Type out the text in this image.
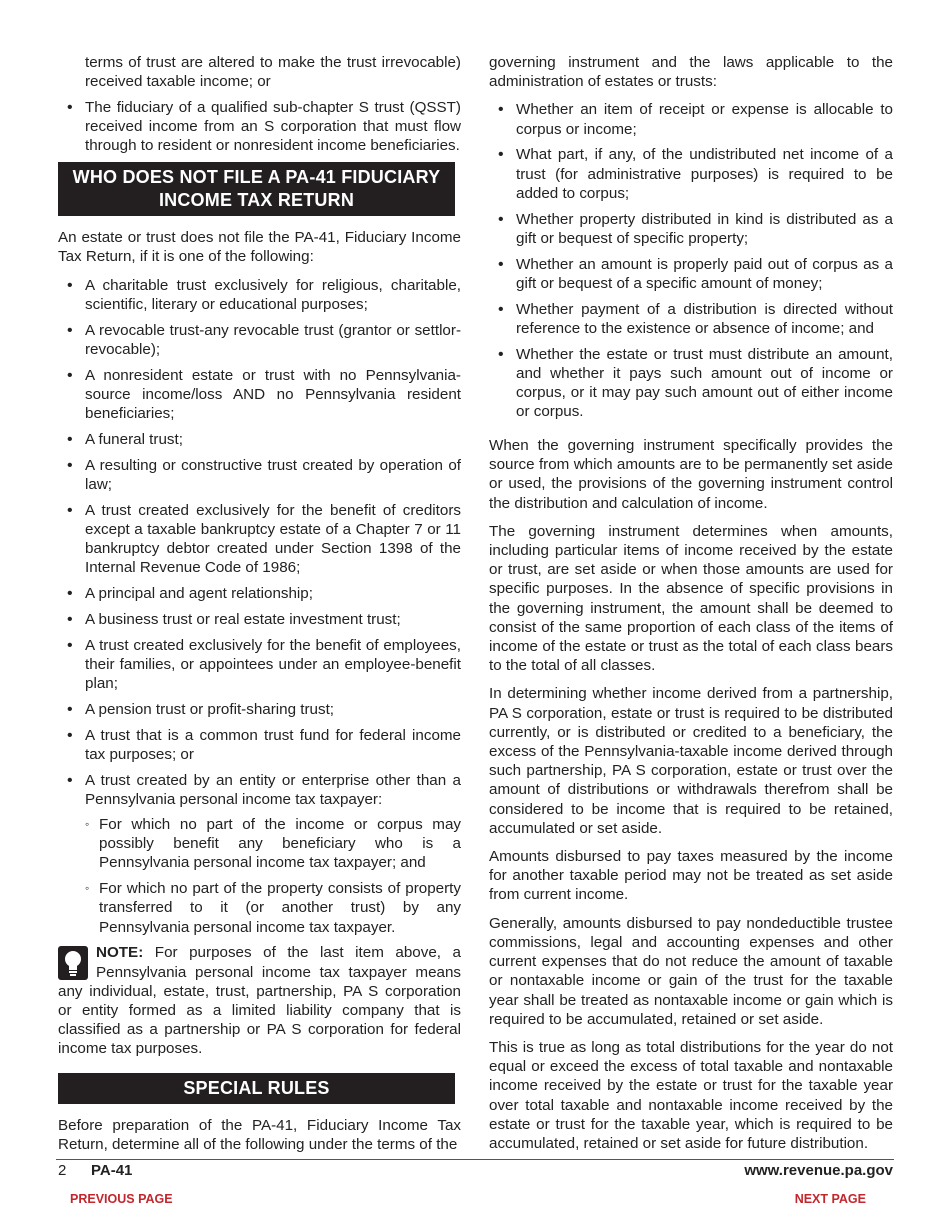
terms of trust are altered to make the trust irrevocable) received taxable income; or
• The fiduciary of a qualified sub-chapter S trust (QSST) received income from an S corporation that must flow through to resident or nonresident income beneficiaries.
WHO DOES NOT FILE A PA-41 FIDUCIARY INCOME TAX RETURN

An estate or trust does not file the PA-41, Fiduciary Income Tax Return, if it is one of the following:

• A charitable trust exclusively for religious, charitable, scientific, literary or educational purposes;
• A revocable trust-any revocable trust (grantor or settlor-revocable);
• A nonresident estate or trust with no Pennsylvania-source income/loss AND no Pennsylvania resident beneficiaries;
• A funeral trust;
• A resulting or constructive trust created by operation of law;
• A trust created exclusively for the benefit of creditors except a taxable bankruptcy estate of a Chapter 7 or 11 bankruptcy debtor created under Section 1398 of the Internal Revenue Code of 1986;
• A principal and agent relationship;
• A business trust or real estate investment trust;
• A trust created exclusively for the benefit of employees, their families, or appointees under an employee-benefit plan;
• A pension trust or profit-sharing trust;
• A trust that is a common trust fund for federal income tax purposes; or
• A trust created by an entity or enterprise other than a Pennsylvania personal income tax taxpayer:
◦ For which no part of the income or corpus may possibly benefit any beneficiary who is a Pennsylvania personal income tax taxpayer; and
◦ For which no part of the property consists of property transferred to it (or another trust) by any Pennsylvania personal income tax taxpayer.
NOTE: For purposes of the last item above, a Pennsylvania personal income tax taxpayer means any individual, estate, trust, partnership, PA S corporation or entity formed as a limited liability company that is classified as a partnership or PA S corporation for federal income tax purposes.
SPECIAL RULES

Before preparation of the PA-41, Fiduciary Income Tax Return, determine all of the following under the terms of the

governing instrument and the laws applicable to the administration of estates or trusts:

• Whether an item of receipt or expense is allocable to corpus or income;
• What part, if any, of the undistributed net income of a trust (for administrative purposes) is required to be added to corpus;
• Whether property distributed in kind is distributed as a gift or bequest of specific property;
• Whether an amount is properly paid out of corpus as a gift or bequest of a specific amount of money;
• Whether payment of a distribution is directed without reference to the existence or absence of income; and
• Whether the estate or trust must distribute an amount, and whether it pays such amount out of income or corpus, or it may pay such amount out of either income or corpus.

When the governing instrument specifically provides the source from which amounts are to be permanently set aside or used, the provisions of the governing instrument control the distribution and calculation of income.

The governing instrument determines when amounts, including particular items of income received by the estate or trust, are set aside or when those amounts are used for specific purposes. In the absence of specific provisions in the governing instrument, the amount shall be deemed to consist of the same proportion of each class of the items of income of the estate or trust as the total of each class bears to the total of all classes.

In determining whether income derived from a partnership, PA S corporation, estate or trust is required to be distributed currently, or is distributed or credited to a beneficiary, the excess of the Pennsylvania-taxable income derived through such partnership, PA S corporation, estate or trust over the amount of distributions or withdrawals therefrom shall be considered to be income that is required to be retained, accumulated or set aside.

Amounts disbursed to pay taxes measured by the income for another taxable period may not be treated as set aside from current income.

Generally, amounts disbursed to pay nondeductible trustee commissions, legal and accounting expenses and other current expenses that do not reduce the amount of taxable or nontaxable income or gain of the trust for the taxable year shall be treated as nontaxable income or gain which is required to be accumulated, retained or set aside.

This is true as long as total distributions for the year do not equal or exceed the excess of total taxable and nontaxable income received by the estate or trust for the taxable year over total taxable and nontaxable income received by the estate or trust for the taxable year, which is required to be accumulated, retained or set aside for future distribution.

2 PA-41	www.revenue.pa.gov
PREVIOUS PAGE	NEXT PAGE
